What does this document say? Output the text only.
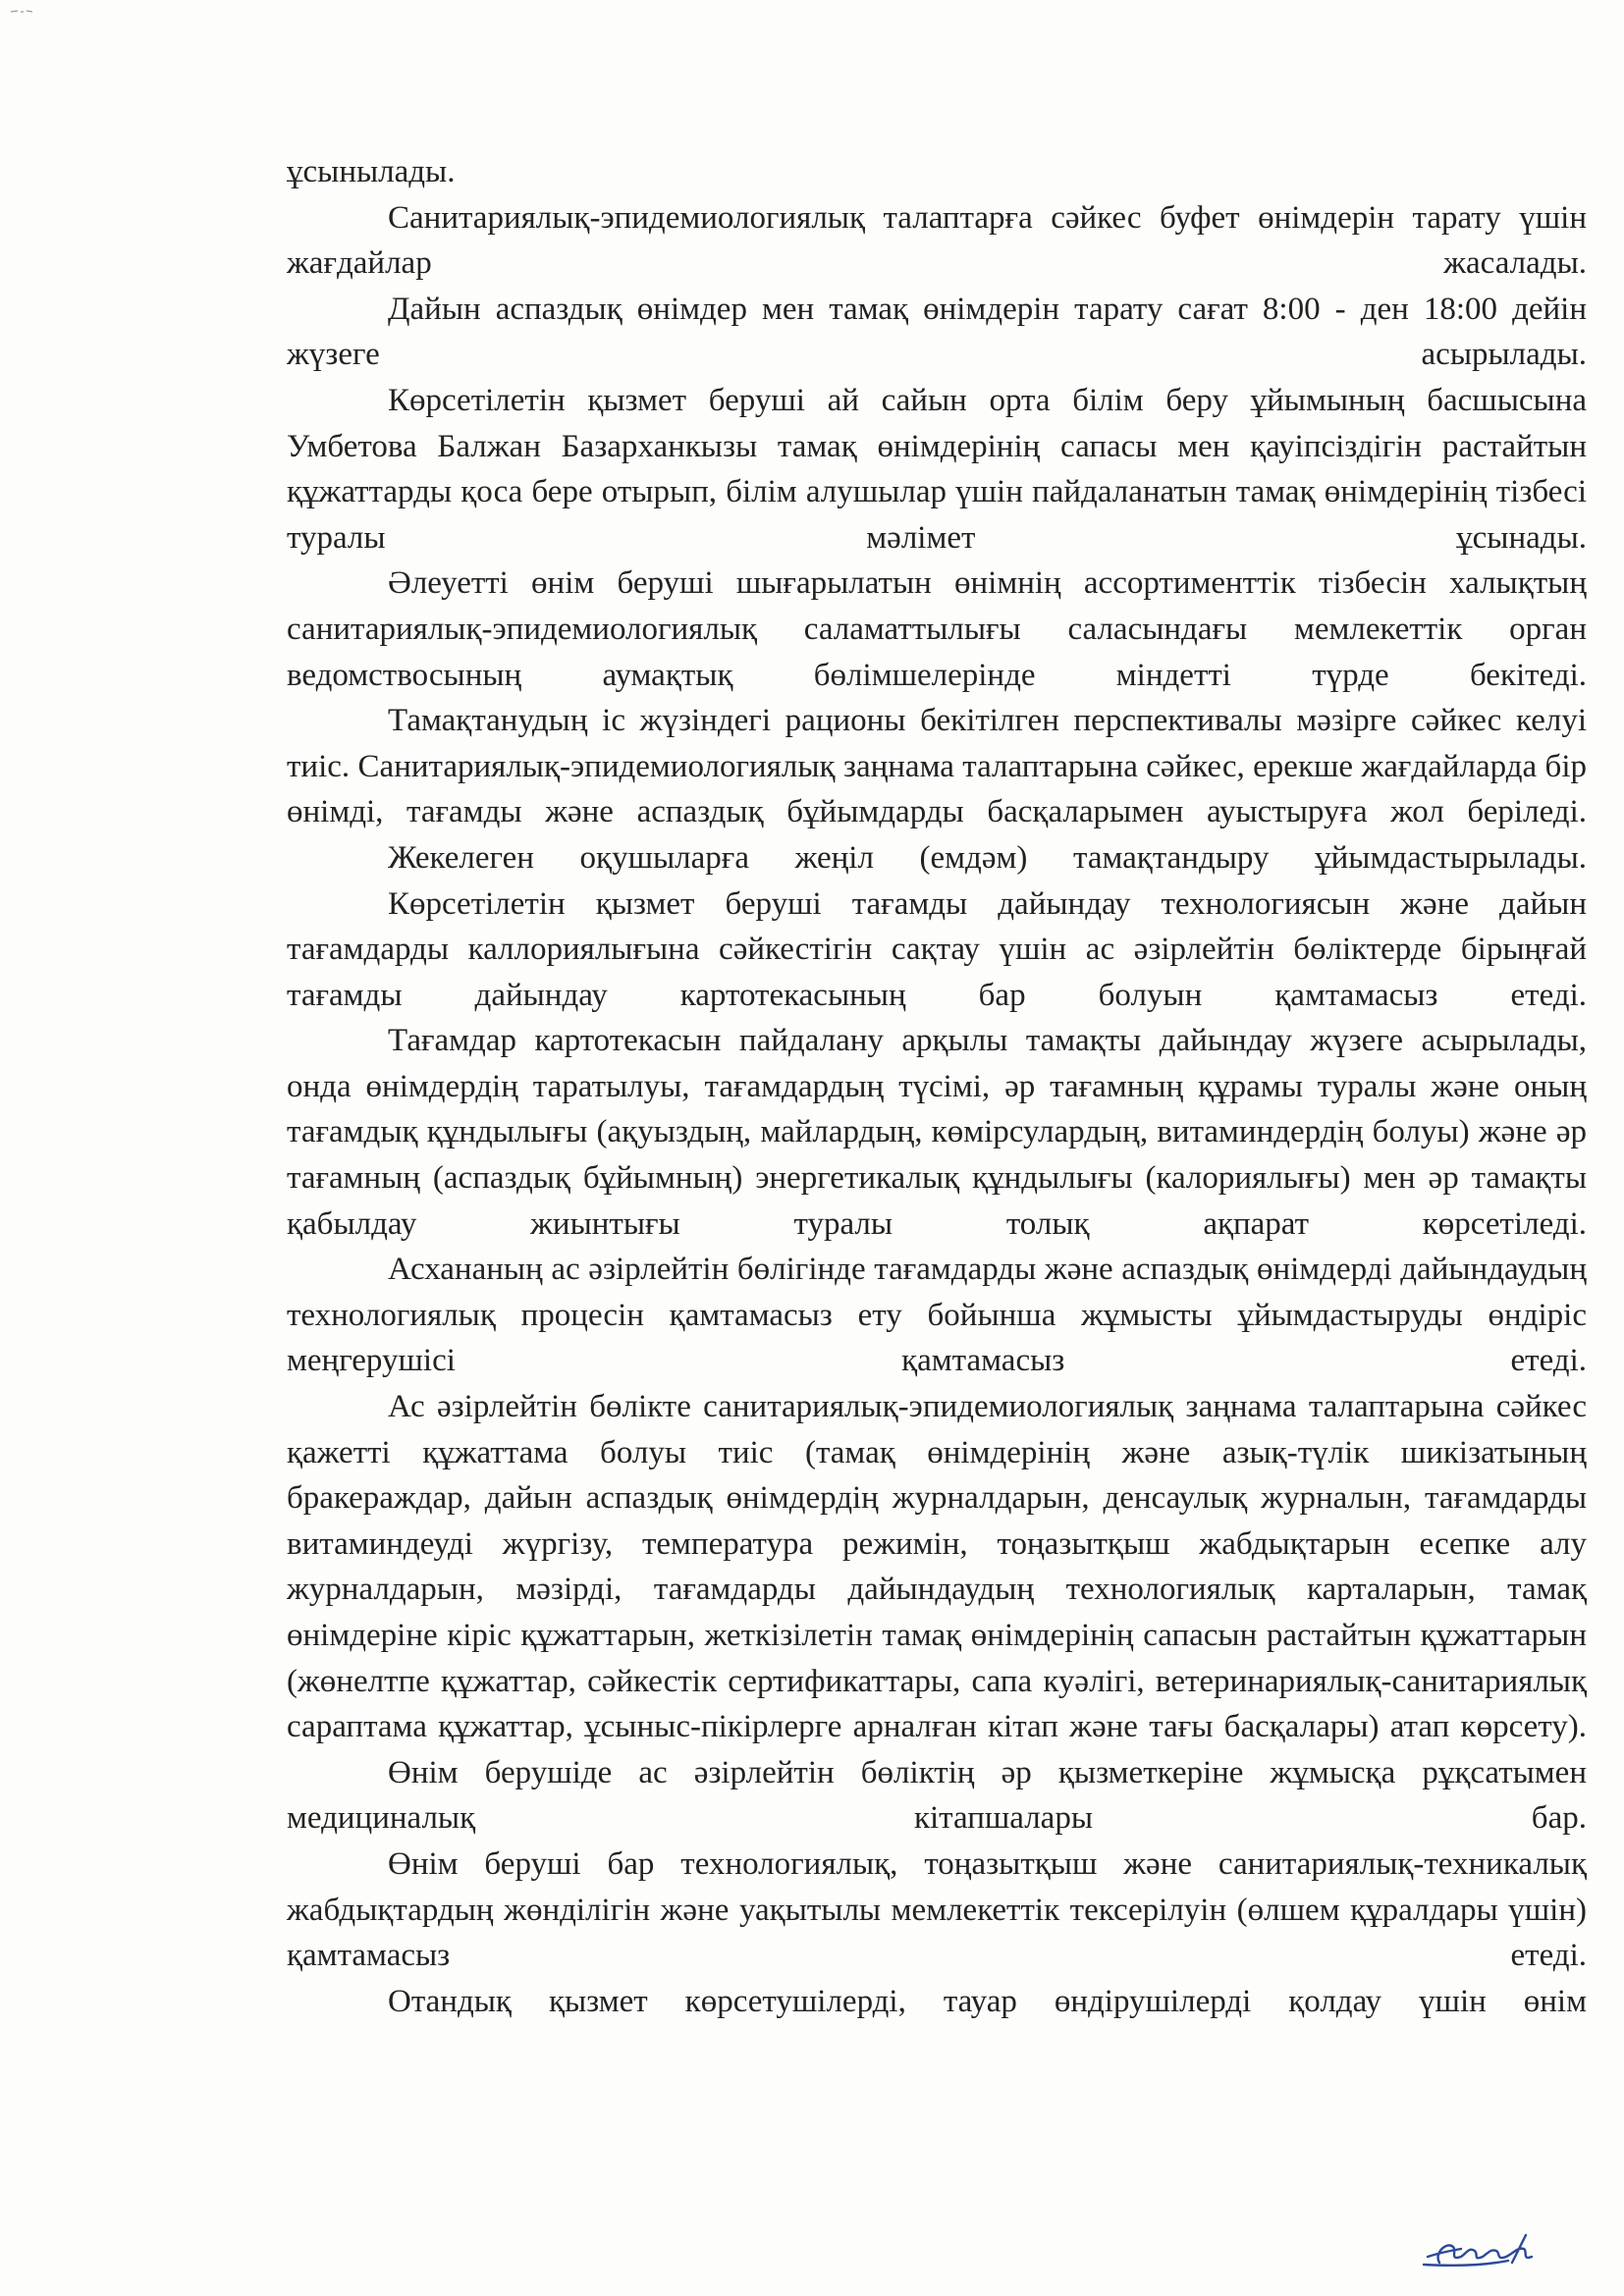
ұсынылады.

Санитариялық-эпидемиологиялық талаптарға сәйкес буфет өнімдерін тарату үшін жағдайлар жасалады.

Дайын аспаздық өнімдер мен тамақ өнімдерін тарату сағат 8:00 - ден 18:00 дейін жүзеге асырылады.

Көрсетілетін қызмет беруші ай сайын орта білім беру ұйымының басшысына Умбетова Балжан Базарханкызы тамақ өнімдерінің сапасы мен қауіпсіздігін растайтын құжаттарды қоса бере отырып, білім алушылар үшін пайдаланатын тамақ өнімдерінің тізбесі туралы мәлімет ұсынады.

Әлеуетті өнім беруші шығарылатын өнімнің ассортименттік тізбесін халықтың санитариялық-эпидемиологиялық саламаттылығы саласындағы мемлекеттік орган ведомствосының аумақтық бөлімшелерінде міндетті түрде бекітеді.

Тамақтанудың іс жүзіндегі рационы бекітілген перспективалы мәзірге сәйкес келуі тиіс. Санитариялық-эпидемиологиялық заңнама талаптарына сәйкес, ерекше жағдайларда бір өнімді, тағамды және аспаздық бұйымдарды басқаларымен ауыстыруға жол беріледі.

Жекелеген оқушыларға жеңіл (емдәм) тамақтандыру ұйымдастырылады.

Көрсетілетін қызмет беруші тағамды дайындау технологиясын және дайын тағамдарды каллориялығына сәйкестігін сақтау үшін ас әзірлейтін бөліктерде бірыңғай тағамды дайындау картотекасының бар болуын қамтамасыз етеді.

Тағамдар картотекасын пайдалану арқылы тамақты дайындау жүзеге асырылады, онда өнімдердің таратылуы, тағамдардың түсімі, әр тағамның құрамы туралы және оның тағамдық құндылығы (ақуыздың, майлардың, көмірсулардың, витаминдердің болуы) және әр тағамның (аспаздық бұйымның) энергетикалық құндылығы (калориялығы) мен әр тамақты қабылдау жиынтығы туралы толық ақпарат көрсетіледі.

Асхананың ас әзірлейтін бөлігінде тағамдарды және аспаздық өнімдерді дайындаудың технологиялық процесін қамтамасыз ету бойынша жұмысты ұйымдастыруды өндіріс меңгерушісі қамтамасыз етеді.

Ас әзірлейтін бөлікте санитариялық-эпидемиологиялық заңнама талаптарына сәйкес қажетті құжаттама болуы тиіс (тамақ өнімдерінің және азық-түлік шикізатының бракераждар, дайын аспаздық өнімдердің журналдарын, денсаулық журналын, тағамдарды витаминдеуді жүргізу, температура режимін, тоңазытқыш жабдықтарын есепке алу журналдарын, мәзірді, тағамдарды дайындаудың технологиялық карталарын, тамақ өнімдеріне кіріс құжаттарын, жеткізілетін тамақ өнімдерінің сапасын растайтын құжаттарын (жөнелтпе құжаттар, сәйкестік сертификаттары, сапа куәлігі, ветеринариялық-санитариялық сараптама құжаттар, ұсыныс-пікірлерге арналған кітап және тағы басқалары) атап көрсету).

Өнім берушіде ас әзірлейтін бөліктің әр қызметкеріне жұмысқа рұқсатымен медициналық кітапшалары бар.

Өнім беруші бар технологиялық, тоңазытқыш және санитариялық-техникалық жабдықтардың жөнділігін және уақытылы мемлекеттік тексерілуін (өлшем құралдары үшін) қамтамасыз етеді.

Отандық қызмет көрсетушілерді, тауар өндірушілерді қолдау үшін өнім
